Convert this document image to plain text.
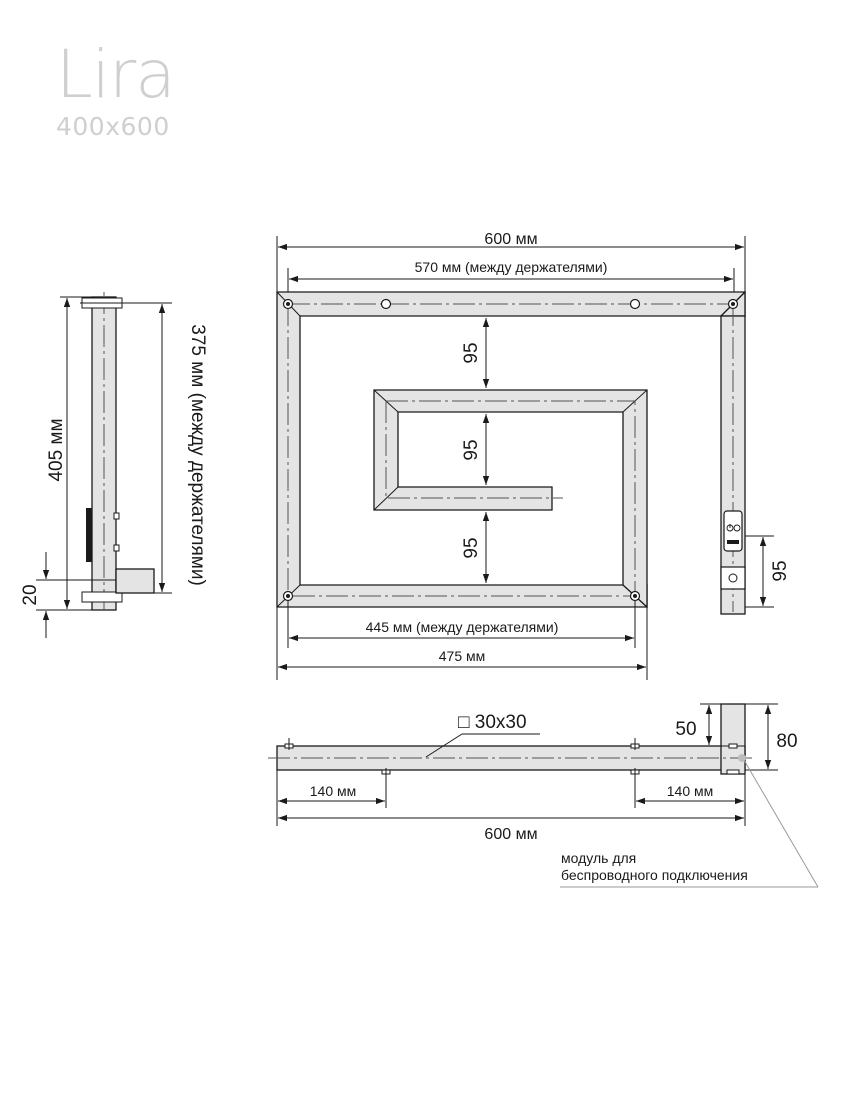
Lira
400x600
600 мм
570 мм (между держателями)
95
95
95
95
445 мм (между держателями)
475 мм
405 мм	375 мм (между держателями)
20
□ 30x30	50
80
140 мм	140 мм
600 мм
модуль для
беспроводного подключения
